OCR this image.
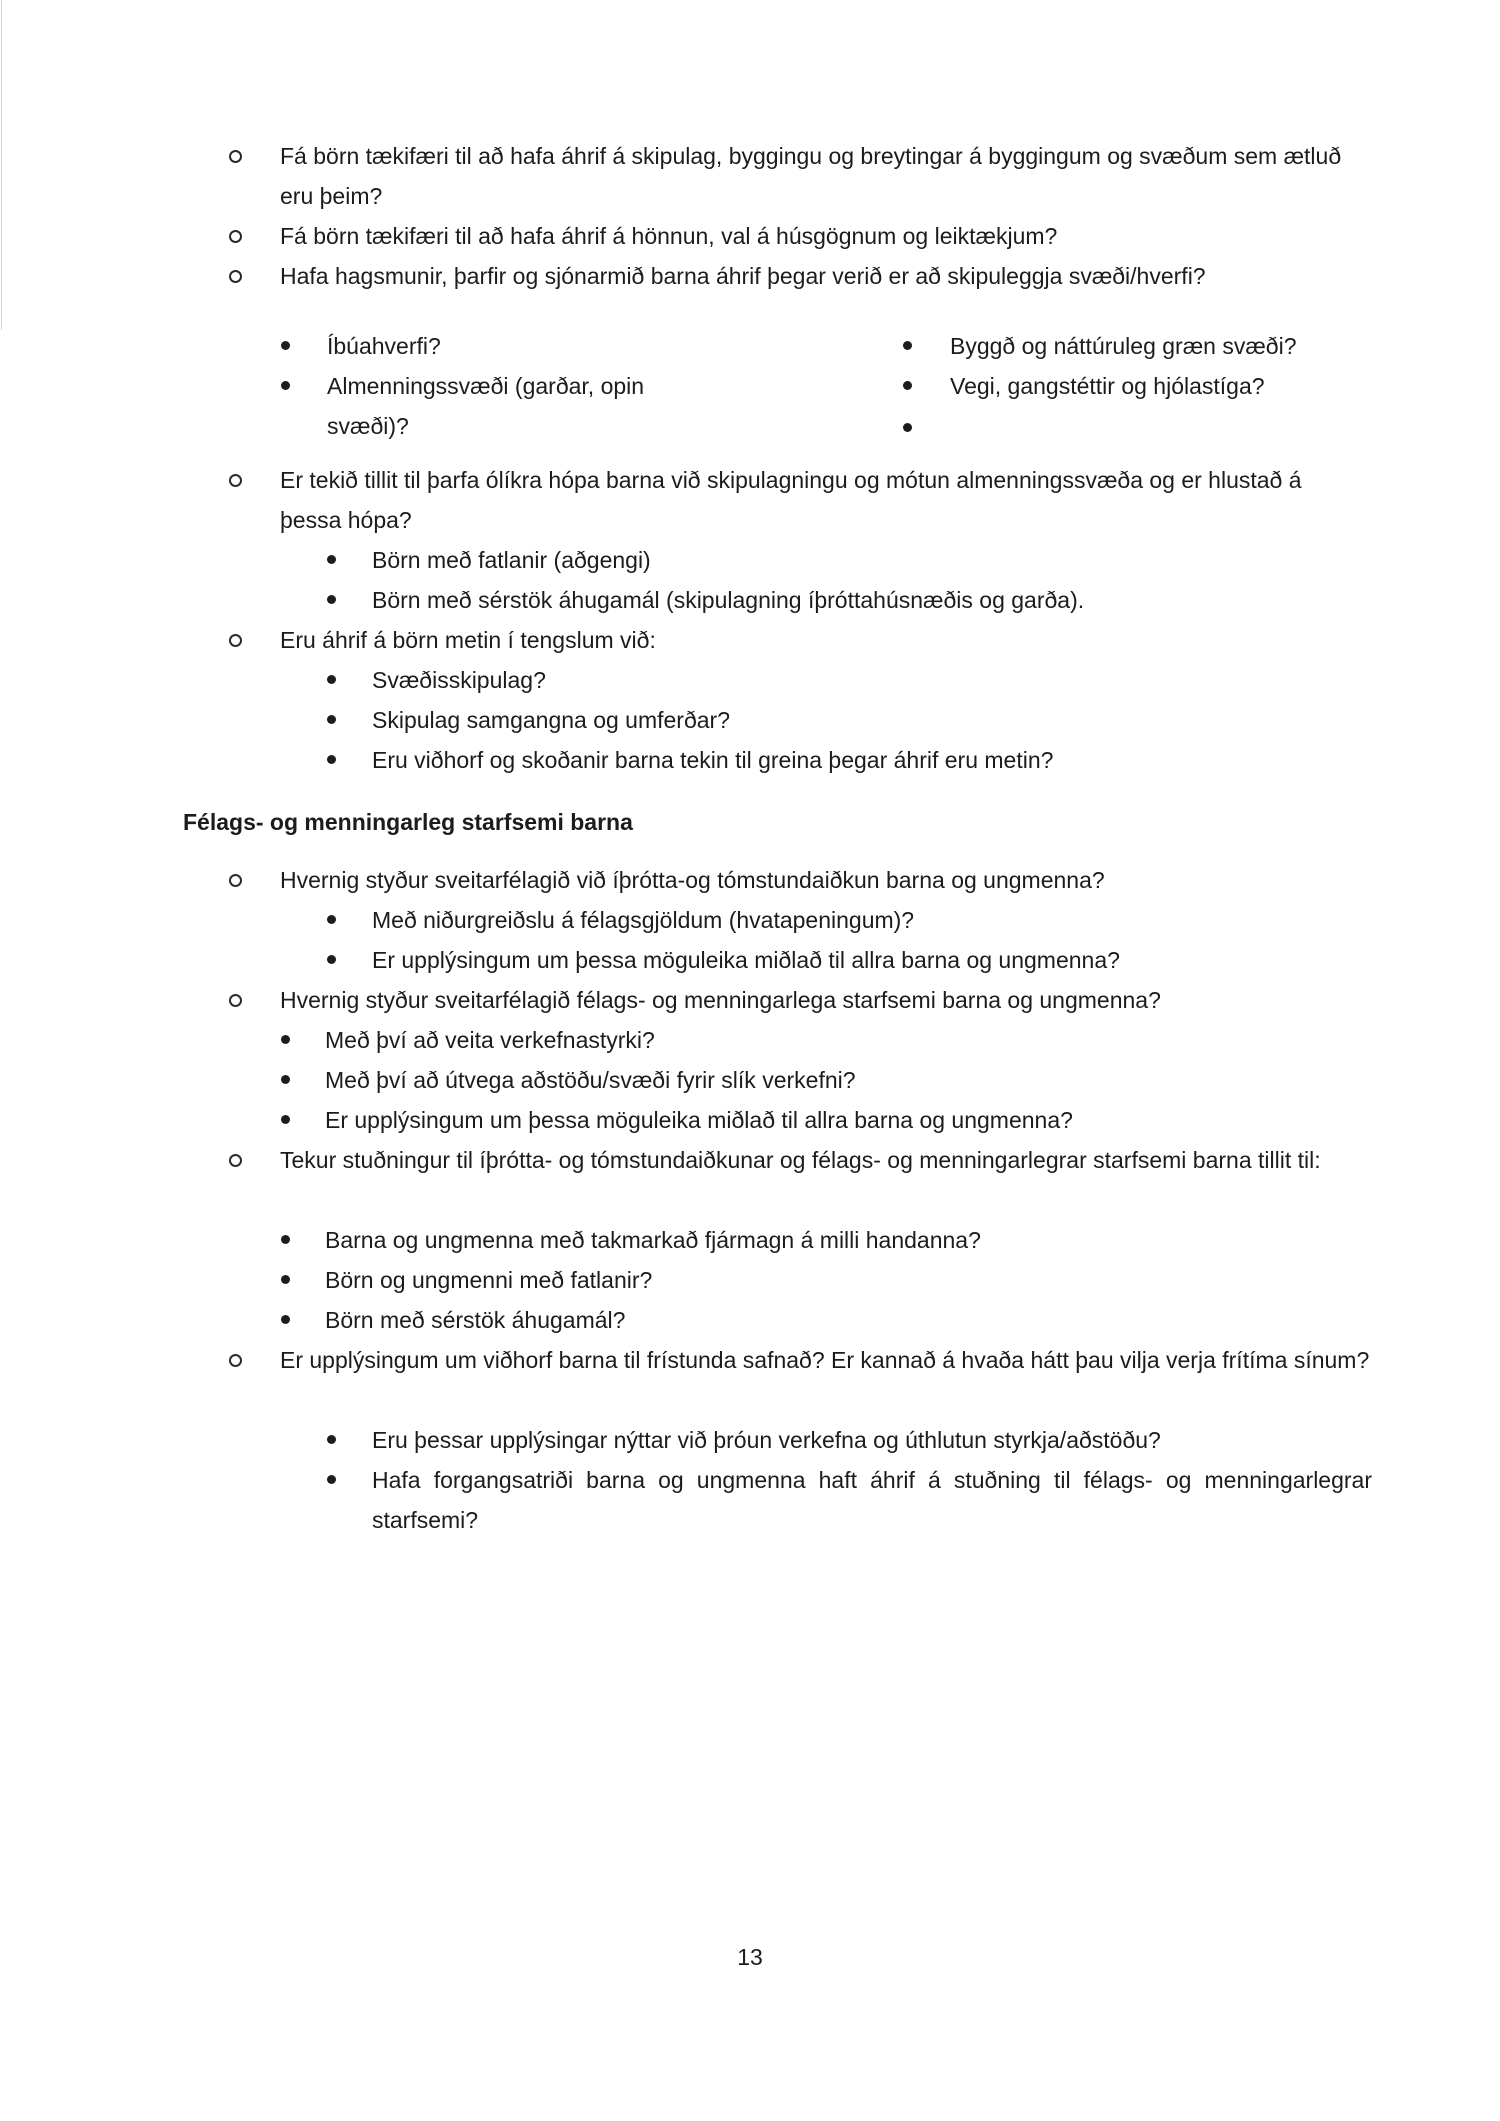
Fá börn tækifæri til að hafa áhrif á skipulag, byggingu og breytingar á byggingum og svæðum sem ætluð eru þeim?
Fá börn tækifæri til að hafa áhrif á hönnun, val á húsgögnum og leiktækjum?
Hafa hagsmunir, þarfir og sjónarmið barna áhrif þegar verið er að skipuleggja svæði/hverfi?
Íbúahverfi?
Almenningssvæði (garðar, opin svæði)?
Byggð og náttúruleg græn svæði?
Vegi, gangstéttir og hjólastíga?
Er tekið tillit til þarfa ólíkra hópa barna við skipulagningu og mótun almenningssvæða og er hlustað á þessa hópa?
Börn með fatlanir (aðgengi)
Börn með sérstök áhugamál (skipulagning íþróttahúsnæðis og garða).
Eru áhrif á börn metin í tengslum við:
Svæðisskipulag?
Skipulag samgangna og umferðar?
Eru viðhorf og skoðanir barna tekin til greina þegar áhrif eru metin?
Félags- og menningarleg starfsemi barna
Hvernig styður sveitarfélagið við íþrótta-og tómstundaiðkun barna og ungmenna?
Með niðurgreiðslu á félagsgjöldum (hvatapeningum)?
Er upplýsingum um þessa möguleika miðlað til allra barna og ungmenna?
Hvernig styður sveitarfélagið félags- og menningarlega starfsemi barna og ungmenna?
Með því að veita verkefnastyrki?
Með því að útvega aðstöðu/svæði fyrir slík verkefni?
Er upplýsingum um þessa möguleika miðlað til allra barna og ungmenna?
Tekur stuðningur til íþrótta- og tómstundaiðkunar og félags- og menningarlegrar starfsemi barna tillit til:
Barna og ungmenna með takmarkað fjármagn á milli handanna?
Börn og ungmenni með fatlanir?
Börn með sérstök áhugamál?
Er upplýsingum um viðhorf barna til frístunda safnað? Er kannað á hvaða hátt þau vilja verja frítíma sínum?
Eru þessar upplýsingar nýttar við þróun verkefna og úthlutun styrkja/aðstöðu?
Hafa forgangsatriði barna og ungmenna haft áhrif á stuðning til félags- og menningarlegrar starfsemi?
13
